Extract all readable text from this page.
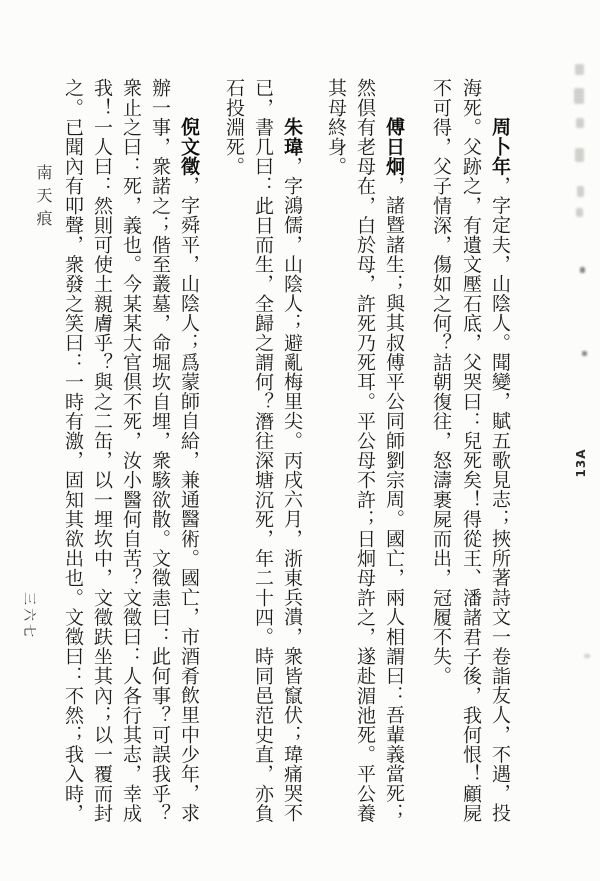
南天痕
三六七
13A
周卜年，字定夫，山陰人。聞變，賦五歌見志；挾所著詩文一卷詣友人，不遇，投
海死。父跡之，有遺文壓石底，父哭曰：兒死矣！得從王、潘諸君子後，我何恨！顧屍
不可得，父子情深，傷如之何？詰朝復往，怒濤裹屍而出，冠履不失。
傅日炯，諸暨諸生；與其叔傅平公同師劉宗周。國亡，兩人相謂曰：吾輩義當死；
然倶有老母在，白於母，許死乃死耳。平公母不許；日炯母許之，遂赴湄池死。平公養
其母終身。
朱瑋，字鴻儒，山陰人；避亂梅里尖。丙戌六月，浙東兵潰，衆皆竄伏；瑋痛哭不
已，書几曰：此日而生，全歸之謂何？潛往深塘沉死，年二十四。時同邑范史直，亦負
石投淵死。
倪文徵，字舜平，山陰人；爲蒙師自給，兼通醫術。國亡，市酒肴飲里中少年，求
辦一事，衆諾之；偕至叢墓，命堀坎自埋，衆駭欲散。文徵恚曰：此何事？可誤我乎？
衆止之曰：死，義也。今某某大官倶不死，汝小醫何自苦？文徵曰：人各行其志，幸成
我！一人曰：然則可使土親膚乎？與之二缶，以一埋坎中，文徵趺坐其內；以一覆而封
之。已聞內有叩聲，衆發之笑曰：一時有激，固知其欲出也。文徵曰：不然；我入時，
